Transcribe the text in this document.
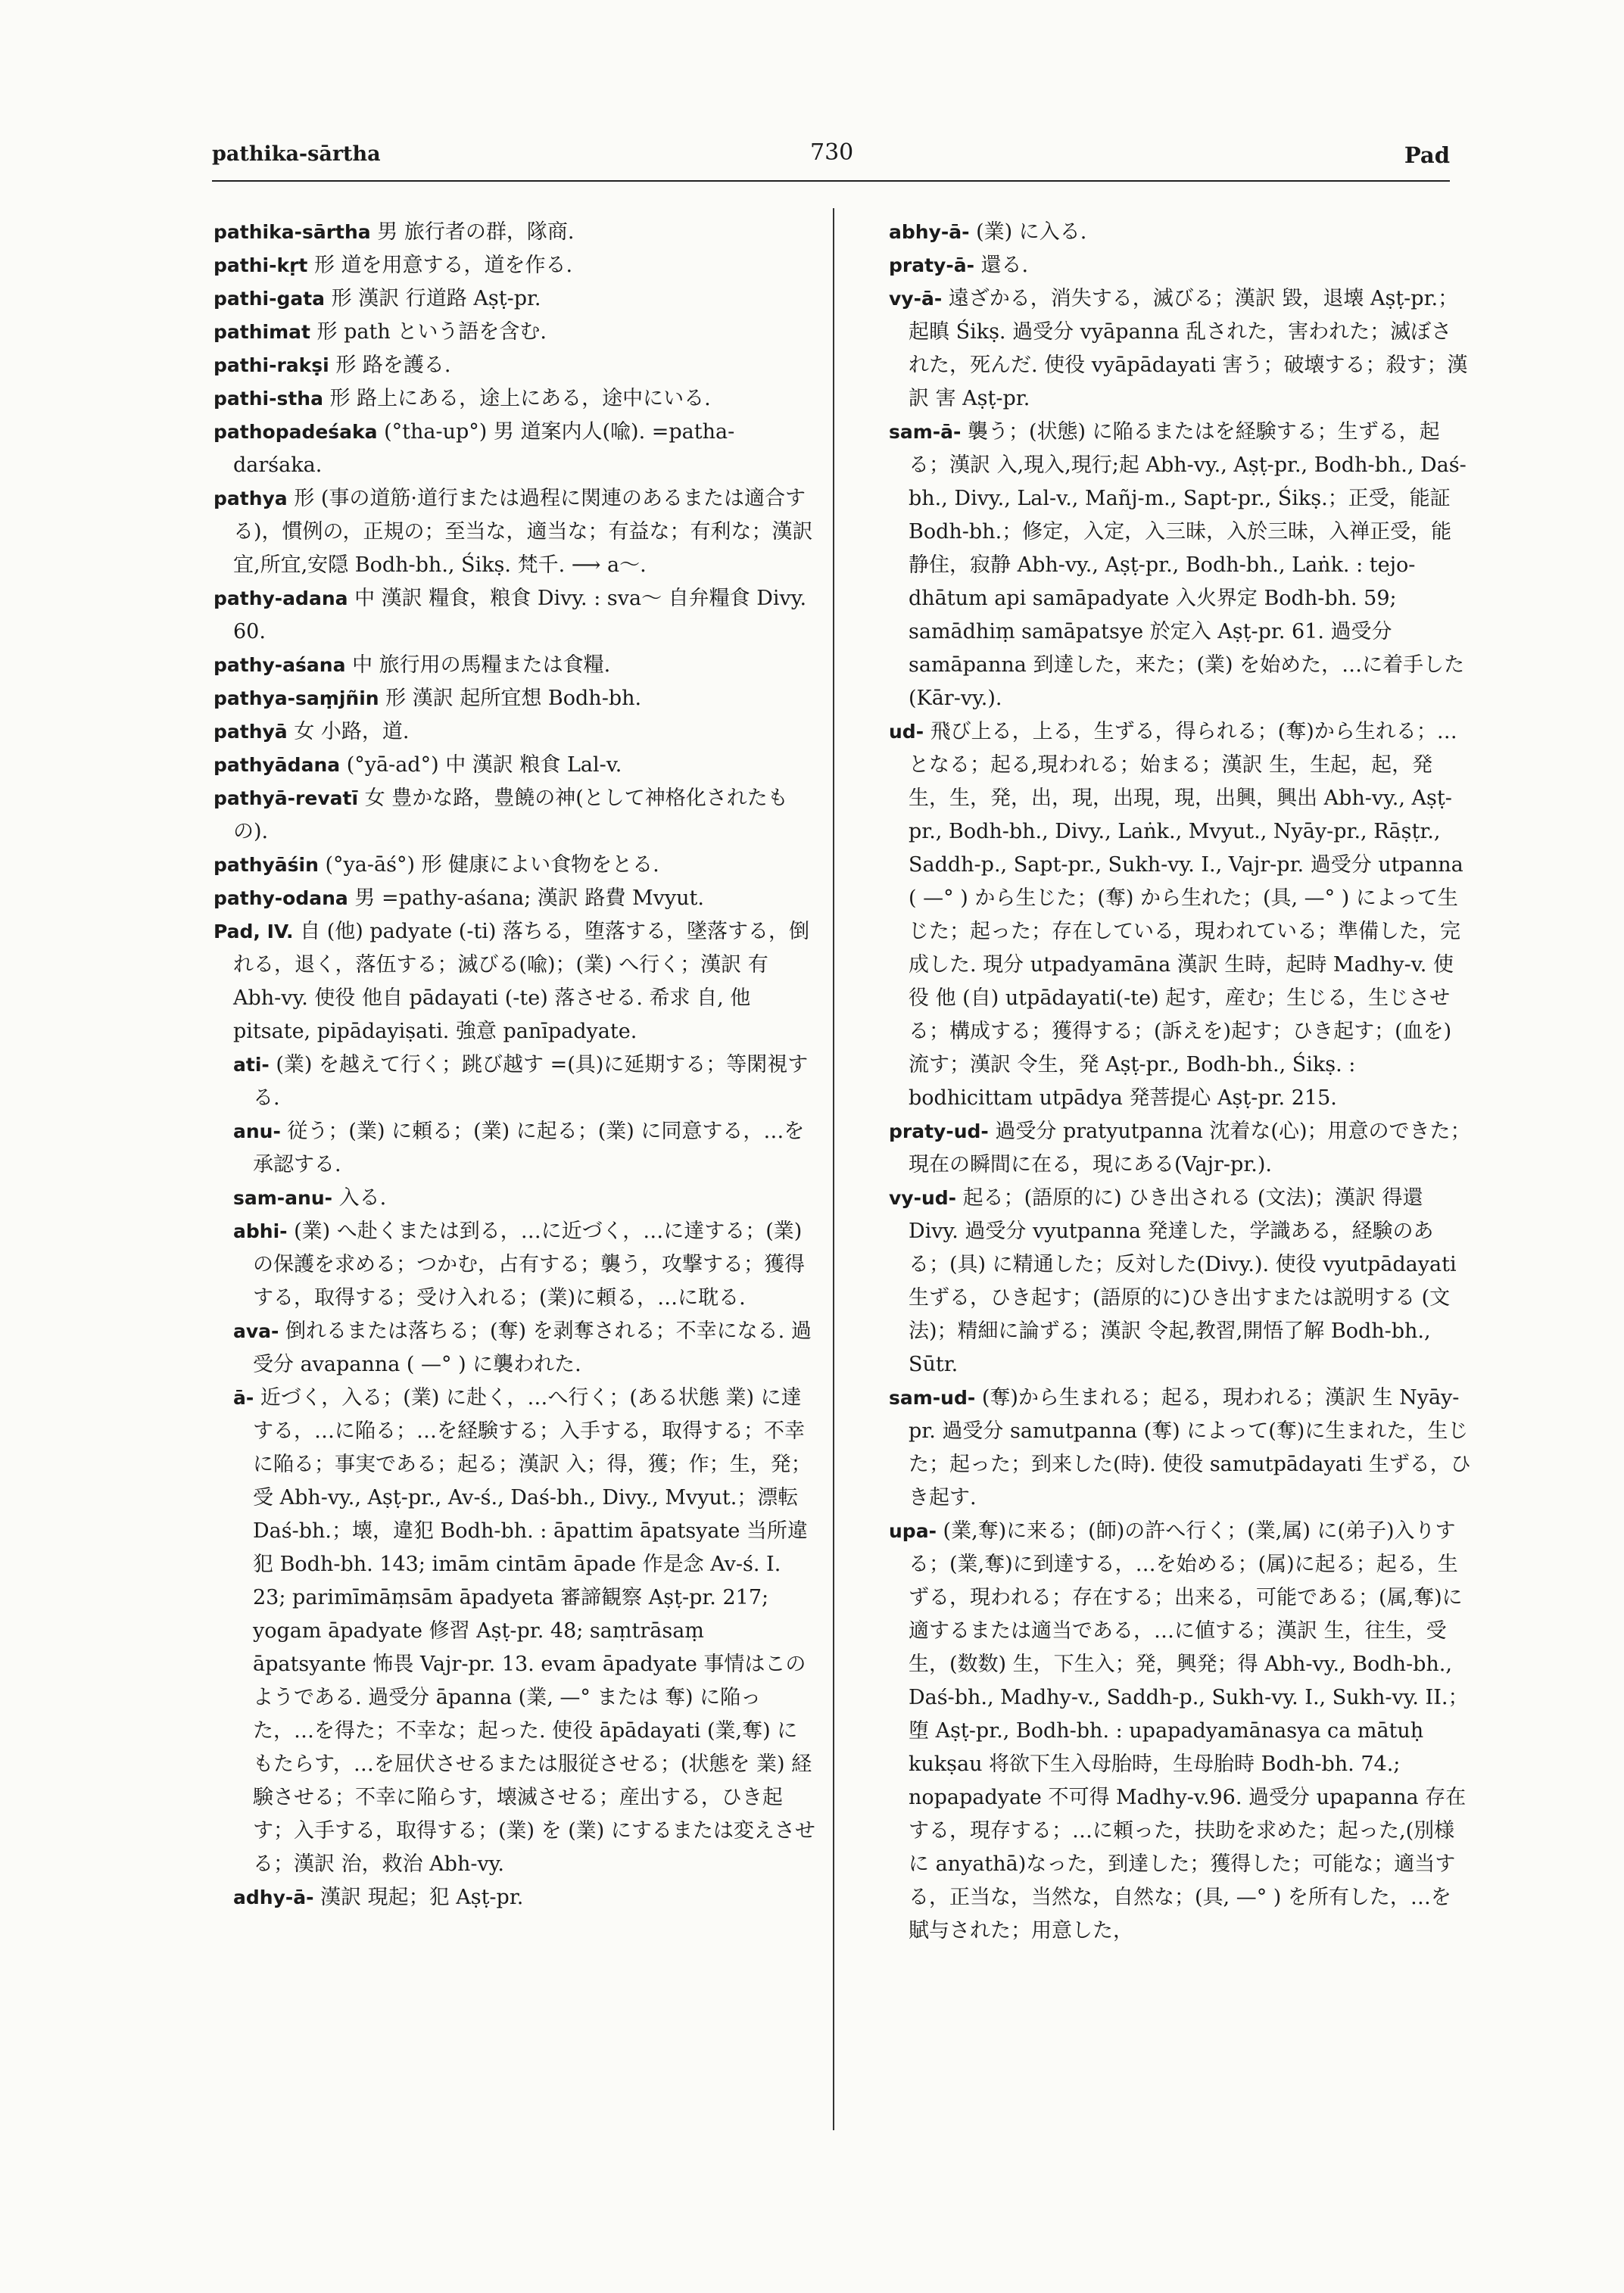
pathika-sārtha	730	Pad

pathika-sārtha 男 旅行者の群，隊商.

pathi-kṛt 形 道を用意する，道を作る.

pathi-gata 形 漢訳 行道路 Aṣṭ-pr.

pathimat 形 path という語を含む.

pathi-rakṣi 形 路を護る.

pathi-stha 形 路上にある，途上にある，途中にいる.

pathopadeśaka (°tha-up°) 男 道案内人(喩). =patha-darśaka.

pathya 形 (事の道筋·道行または過程に関連のあるまたは適合する)，慣例の，正規の；至当な，適当な；有益な；有利な；漢訳 宜,所宜,安隠 Bodh-bh., Śikṣ. 梵千. ⟶ a～.

pathy-adana 中 漢訳 糧食，粮食 Divy. : sva～ 自弁糧食 Divy. 60.

pathy-aśana 中 旅行用の馬糧または食糧.

pathya-saṃjñin 形 漢訳 起所宜想 Bodh-bh.

pathyā 女 小路，道.

pathyādana (°yā-ad°) 中 漢訳 粮食 Lal-v.

pathyā-revatī 女 豊かな路，豊饒の神(として神格化されたもの).

pathyāśin (°ya-āś°) 形 健康によい食物をとる.

pathy-odana 男 =pathy-aśana; 漢訳 路費 Mvyut.

Pad, IV. 自 (他) padyate (-ti) 落ちる，堕落する，墜落する，倒れる，退く，落伍する；滅びる(喩)；(業) へ行く；漢訳 有 Abh-vy. 使役 他自 pādayati (-te) 落させる. 希求 自, 他 pitsate, pipādayiṣati. 強意 panīpadyate.

ati- (業) を越えて行く；跳び越す =(具)に延期する；等閑視する.

anu- 従う；(業) に頼る；(業) に起る；(業) に同意する，…を承認する.

sam-anu- 入る.

abhi- (業) へ赴くまたは到る，…に近づく，…に達する；(業)の保護を求める；つかむ，占有する；襲う，攻撃する；獲得する，取得する；受け入れる；(業)に頼る，…に耽る.

ava- 倒れるまたは落ちる；(奪) を剥奪される；不幸になる. 過受分 avapanna ( —° ) に襲われた.

ā- 近づく，入る；(業) に赴く，…へ行く；(ある状態 業) に達する，…に陥る；…を経験する；入手する，取得する；不幸に陥る；事実である；起る；漢訳 入；得，獲；作；生，発；受 Abh-vy., Aṣṭ-pr., Av-ś., Daś-bh., Divy., Mvyut.；漂転 Daś-bh.；壊，違犯 Bodh-bh. : āpattim āpatsyate 当所違犯 Bodh-bh. 143; imām cintām āpade 作是念 Av-ś. I. 23; parimīmāṃsām āpadyeta 審諦観察 Aṣṭ-pr. 217; yogam āpadyate 修習 Aṣṭ-pr. 48; saṃtrāsaṃ āpatsyante 怖畏 Vajr-pr. 13. evam āpadyate 事情はこのようである. 過受分 āpanna (業, —° または 奪) に陥った，…を得た；不幸な；起った. 使役 āpādayati (業,奪) にもたらす，…を屈伏させるまたは服従させる；(状態を 業) 経験させる；不幸に陥らす，壊滅させる；産出する，ひき起す；入手する，取得する；(業) を (業) にするまたは変えさせる；漢訳 治，救治 Abh-vy.

adhy-ā- 漢訳 現起；犯 Aṣṭ-pr.

abhy-ā- (業) に入る.

praty-ā- 還る.

vy-ā- 遠ざかる，消失する，滅びる；漢訳 毀，退壊 Aṣṭ-pr.；起瞋 Śikṣ. 過受分 vyāpanna 乱された，害われた；滅ぼされた，死んだ. 使役 vyāpādayati 害う；破壊する；殺す；漢訳 害 Aṣṭ-pr.

sam-ā- 襲う；(状態) に陥るまたはを経験する；生ずる，起る；漢訳 入,現入,現行;起 Abh-vy., Aṣṭ-pr., Bodh-bh., Daś-bh., Divy., Lal-v., Mañj-m., Sapt-pr., Śikṣ.；正受，能証 Bodh-bh.；修定，入定，入三昧，入於三昧，入禅正受，能静住，寂静 Abh-vy., Aṣṭ-pr., Bodh-bh., Laṅk. : tejo-dhātum api samāpadyate 入火界定 Bodh-bh. 59; samādhiṃ samāpatsye 於定入 Aṣṭ-pr. 61. 過受分 samāpanna 到達した，来た；(業) を始めた，…に着手した(Kār-vy.).

ud- 飛び上る，上る，生ずる，得られる；(奪)から生れる；…となる；起る,現われる；始まる；漢訳 生，生起，起，発生，生，発，出，現，出現，現，出興，興出 Abh-vy., Aṣṭ-pr., Bodh-bh., Divy., Laṅk., Mvyut., Nyāy-pr., Rāṣṭr., Saddh-p., Sapt-pr., Sukh-vy. I., Vajr-pr. 過受分 utpanna ( —° ) から生じた；(奪) から生れた；(具, —° ) によって生じた；起った；存在している，現われている；準備した，完成した. 現分 utpadyamāna 漢訳 生時，起時 Madhy-v. 使役 他 (自) utpādayati(-te) 起す，産む；生じる，生じさせる；構成する；獲得する；(訴えを)起す；ひき起す；(血を)流す；漢訳 令生，発 Aṣṭ-pr., Bodh-bh., Śikṣ. : bodhicittam utpādya 発菩提心 Aṣṭ-pr. 215.

praty-ud- 過受分 pratyutpanna 沈着な(心)；用意のできた；現在の瞬間に在る，現にある(Vajr-pr.).

vy-ud- 起る；(語原的に) ひき出される (文法)；漢訳 得還 Divy. 過受分 vyutpanna 発達した，学識ある，経験のある；(具) に精通した；反対した(Divy.). 使役 vyutpādayati 生ずる，ひき起す；(語原的に)ひき出すまたは説明する (文法)；精細に論ずる；漢訳 令起,教習,開悟了解 Bodh-bh., Sūtr.

sam-ud- (奪)から生まれる；起る，現われる；漢訳 生 Nyāy-pr. 過受分 samutpanna (奪) によって(奪)に生まれた，生じた；起った；到来した(時). 使役 samutpādayati 生ずる，ひき起す.

upa- (業,奪)に来る；(師)の許へ行く；(業,属) に(弟子)入りする；(業,奪)に到達する，…を始める；(属)に起る；起る，生ずる，現われる；存在する；出来る，可能である；(属,奪)に適するまたは適当である，…に値する；漢訳 生，往生，受生，(数数) 生，下生入；発，興発；得 Abh-vy., Bodh-bh., Daś-bh., Madhy-v., Saddh-p., Sukh-vy. I., Sukh-vy. II.；堕 Aṣṭ-pr., Bodh-bh. : upapadyamānasya ca mātuḥ kukṣau 将欲下生入母胎時，生母胎時 Bodh-bh. 74.; nopapadyate 不可得 Madhy-v.96. 過受分 upapanna 存在する，現存する；…に頼った，扶助を求めた；起った,(別様に anyathā)なった，到達した；獲得した；可能な；適当する，正当な，当然な，自然な；(具, —° ) を所有した，…を賦与された；用意した，
